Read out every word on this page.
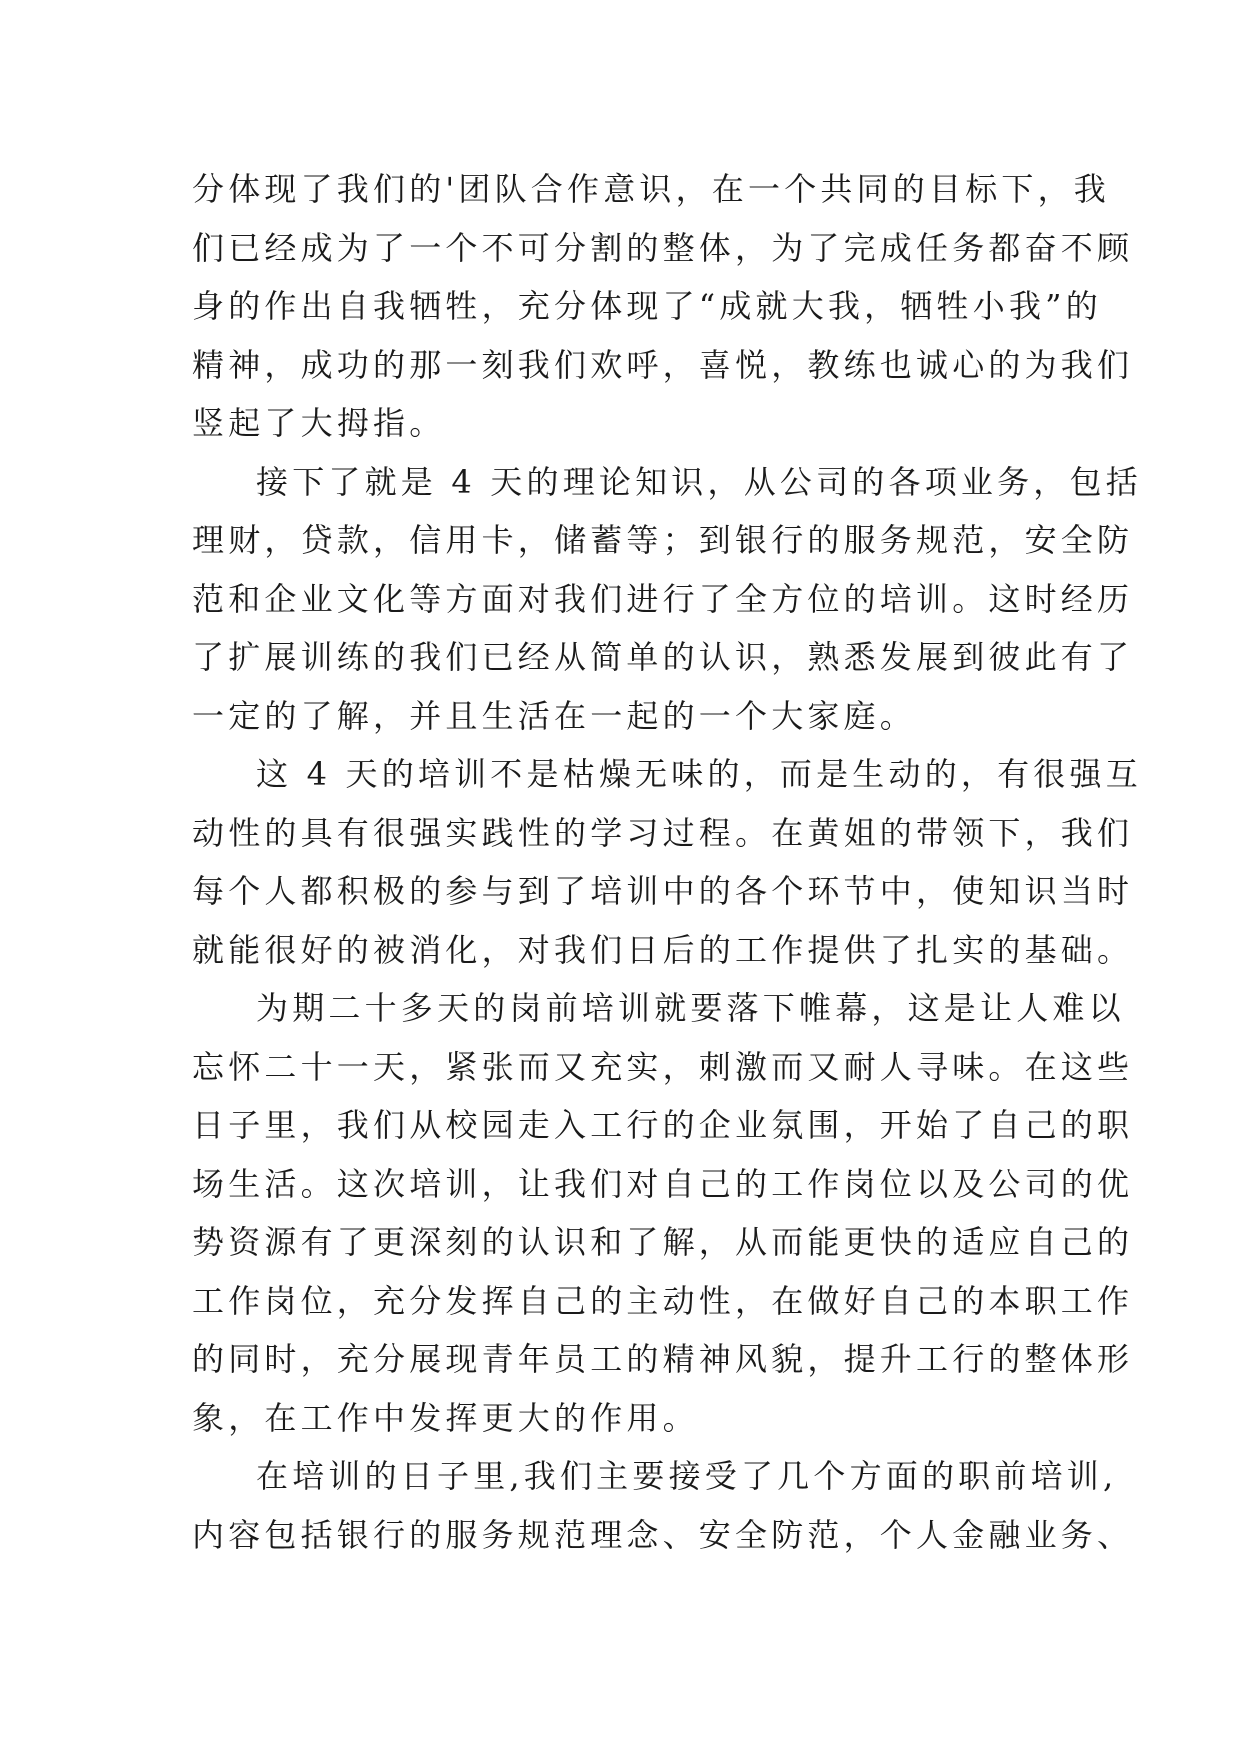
分体现了我们的'团队合作意识，在一个共同的目标下，我
们已经成为了一个不可分割的整体，为了完成任务都奋不顾
身的作出自我牺牲，充分体现了“成就大我，牺牲小我”的
精神，成功的那一刻我们欢呼，喜悦，教练也诚心的为我们
竖起了大拇指。
接下了就是 4 天的理论知识，从公司的各项业务，包括
理财，贷款，信用卡，储蓄等；到银行的服务规范，安全防
范和企业文化等方面对我们进行了全方位的培训。这时经历
了扩展训练的我们已经从简单的认识，熟悉发展到彼此有了
一定的了解，并且生活在一起的一个大家庭。
这 4 天的培训不是枯燥无味的，而是生动的，有很强互
动性的具有很强实践性的学习过程。在黄姐的带领下，我们
每个人都积极的参与到了培训中的各个环节中，使知识当时
就能很好的被消化，对我们日后的工作提供了扎实的基础。
为期二十多天的岗前培训就要落下帷幕，这是让人难以
忘怀二十一天，紧张而又充实，刺激而又耐人寻味。在这些
日子里，我们从校园走入工行的企业氛围，开始了自己的职
场生活。这次培训，让我们对自己的工作岗位以及公司的优
势资源有了更深刻的认识和了解，从而能更快的适应自己的
工作岗位，充分发挥自己的主动性，在做好自己的本职工作
的同时，充分展现青年员工的精神风貌，提升工行的整体形
象，在工作中发挥更大的作用。
在培训的日子里,我们主要接受了几个方面的职前培训,
内容包括银行的服务规范理念、安全防范，个人金融业务、
